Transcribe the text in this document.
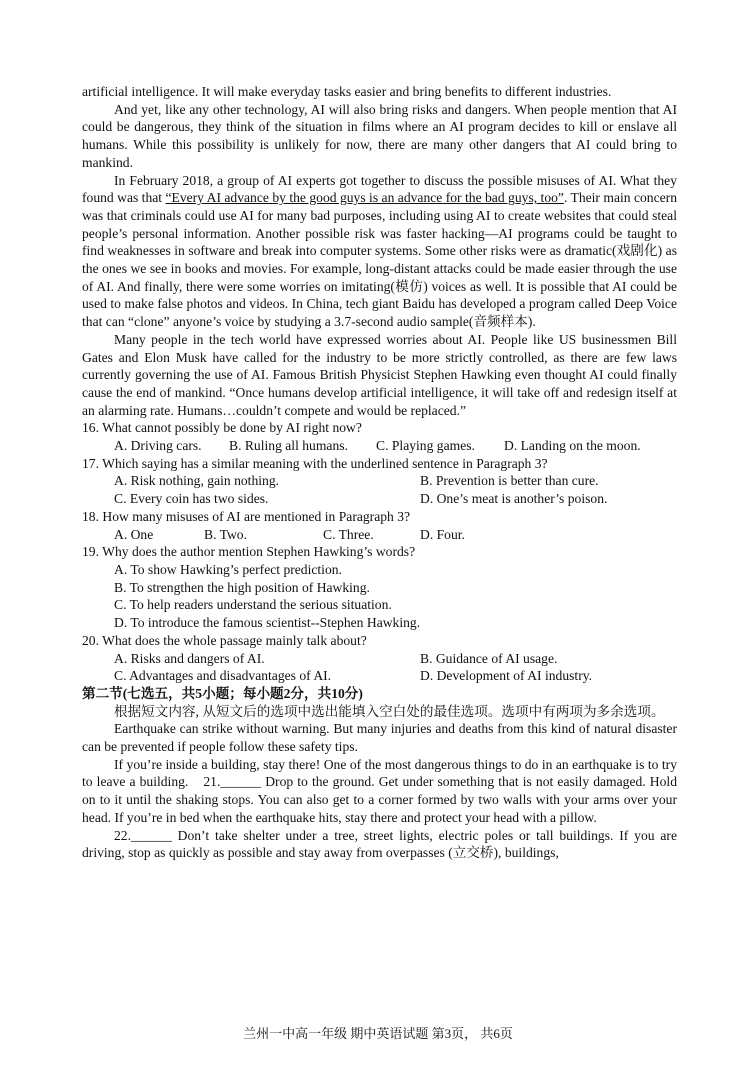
artificial intelligence. It will make everyday tasks easier and bring benefits to different industries.

And yet, like any other technology, AI will also bring risks and dangers. When people mention that AI could be dangerous, they think of the situation in films where an AI program decides to kill or enslave all humans. While this possibility is unlikely for now, there are many other dangers that AI could bring to mankind.

In February 2018, a group of AI experts got together to discuss the possible misuses of AI. What they found was that “Every AI advance by the good guys is an advance for the bad guys, too”. Their main concern was that criminals could use AI for many bad purposes, including using AI to create websites that could steal people’s personal information. Another possible risk was faster hacking—AI programs could be taught to find weaknesses in software and break into computer systems. Some other risks were as dramatic(戏剧化) as the ones we see in books and movies. For example, long-distant attacks could be made easier through the use of AI. And finally, there were some worries on imitating(模仿) voices as well. It is possible that AI could be used to make false photos and videos. In China, tech giant Baidu has developed a program called Deep Voice that can “clone” anyone’s voice by studying a 3.7-second audio sample(音频样本).

Many people in the tech world have expressed worries about AI. People like US businessmen Bill Gates and Elon Musk have called for the industry to be more strictly controlled, as there are few laws currently governing the use of AI. Famous British Physicist Stephen Hawking even thought AI could finally cause the end of mankind. “Once humans develop artificial intelligence, it will take off and redesign itself at an alarming rate. Humans…couldn’t compete and would be replaced.”

16. What cannot possibly be done by AI right now?

A. Driving cars.	B. Ruling all humans.	C. Playing games.	D. Landing on the moon.

17. Which saying has a similar meaning with the underlined sentence in Paragraph 3?

A. Risk nothing, gain nothing.	B. Prevention is better than cure.
C. Every coin has two sides.	D. One’s meat is another’s poison.

18. How many misuses of AI are mentioned in Paragraph 3?

A. One	B. Two.	C. Three.	D. Four.

19. Why does the author mention Stephen Hawking’s words?

A. To show Hawking’s perfect prediction.

B. To strengthen the high position of Hawking.

C. To help readers understand the serious situation.

D. To introduce the famous scientist--Stephen Hawking.

20. What does the whole passage mainly talk about?

A. Risks and dangers of AI.	B. Guidance of AI usage.
C. Advantages and disadvantages of AI.	D. Development of AI industry.

第二节(七选五，共5小题；每小题2分，共10分)

根据短文内容, 从短文后的选项中选出能填入空白处的最佳选项。选项中有两项为多余选项。

Earthquake can strike without warning. But many injuries and deaths from this kind of natural disaster can be prevented if people follow these safety tips.

If you’re inside a building, stay there! One of the most dangerous things to do in an earthquake is to try to leave a building.　21.______ Drop to the ground. Get under something that is not easily damaged. Hold on to it until the shaking stops. You can also get to a corner formed by two walls with your arms over your head. If you’re in bed when the earthquake hits, stay there and protect your head with a pillow.

22.______ Don’t take shelter under a tree, street lights, electric poles or tall buildings. If you are driving, stop as quickly as possible and stay away from overpasses (立交桥), buildings,

兰州一中高一年级 期中英语试题 第3页， 共6页
